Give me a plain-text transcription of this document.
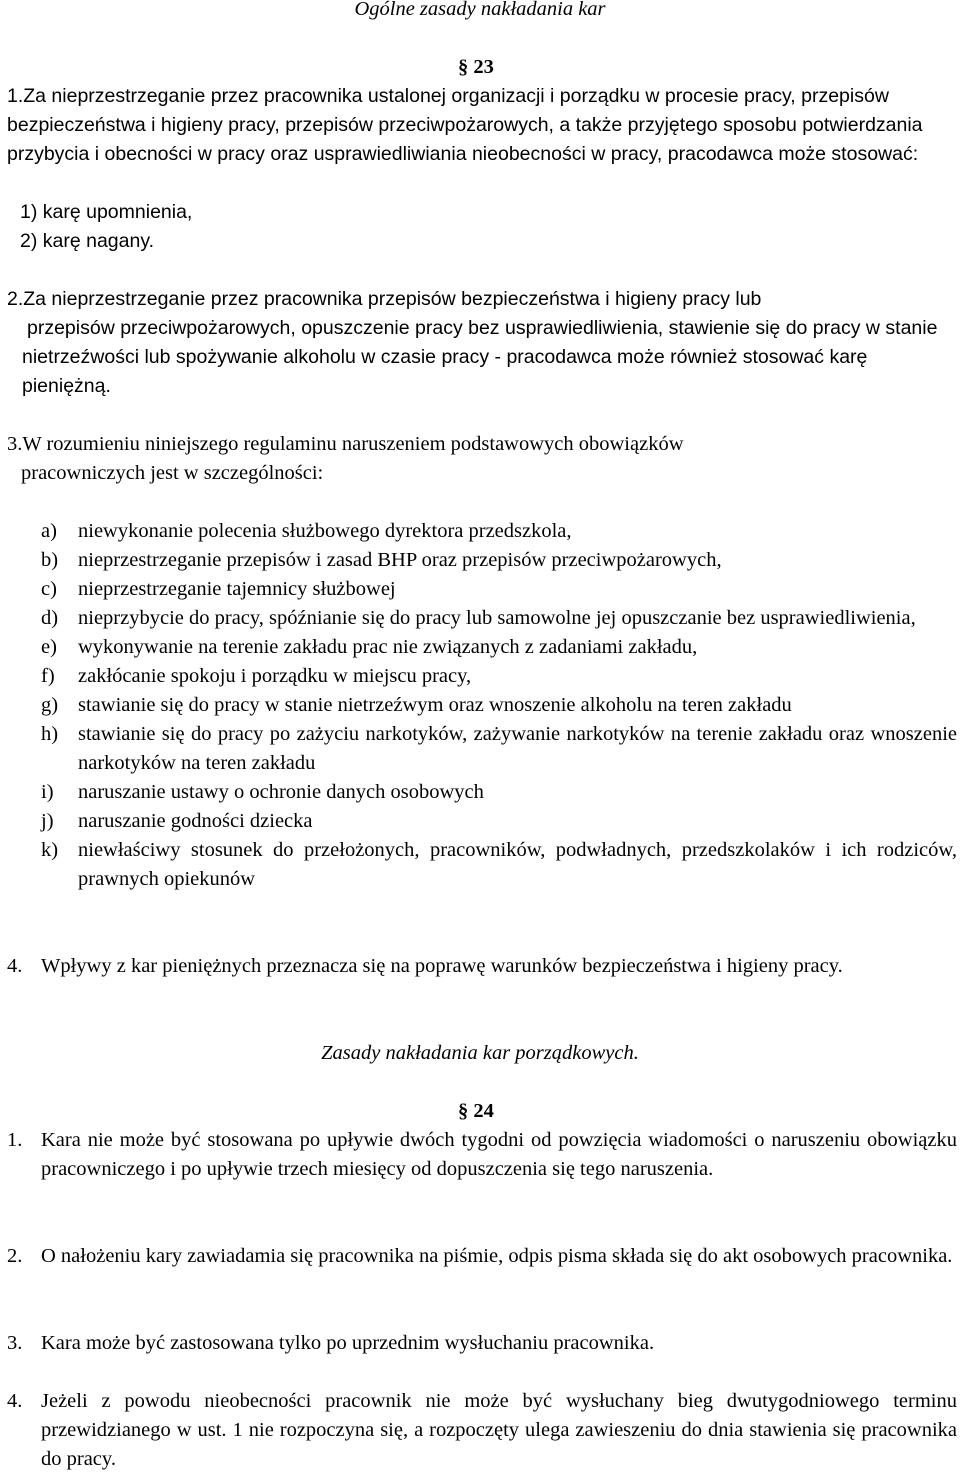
Ogólne zasady nakładania kar
§ 23
1.Za nieprzestrzeganie przez pracownika ustalonej organizacji i porządku w procesie pracy, przepisów bezpieczeństwa i higieny pracy, przepisów przeciwpożarowych, a także przyjętego sposobu potwierdzania przybycia i obecności w pracy oraz usprawiedliwiania nieobecności w pracy, pracodawca może stosować:
1) karę upomnienia,
2) karę nagany.
2.Za nieprzestrzeganie przez pracownika przepisów bezpieczeństwa i higieny pracy lub
przepisów przeciwpożarowych, opuszczenie pracy bez usprawiedliwienia, stawienie się do pracy w stanie nietrzeźwości lub spożywanie alkoholu w czasie pracy - pracodawca może również stosować karę pieniężną.
3.W rozumieniu niniejszego regulaminu naruszeniem podstawowych obowiązków
pracowniczych jest w szczególności:
a)	niewykonanie polecenia służbowego dyrektora przedszkola,
b) nieprzestrzeganie przepisów i zasad BHP oraz przepisów przeciwpożarowych,
c)	nieprzestrzeganie tajemnicy służbowej
d) nieprzybycie do pracy, spóźnianie się do pracy lub samowolne jej opuszczanie bez usprawiedliwienia,
e)	wykonywanie na terenie zakładu prac nie związanych z zadaniami zakładu,
f)	zakłócanie spokoju i porządku w miejscu pracy,
g) stawianie się do pracy w stanie nietrzeźwym oraz wnoszenie alkoholu na teren zakładu
h) stawianie się do pracy po zażyciu narkotyków, zażywanie narkotyków na terenie zakładu oraz wnoszenie narkotyków na teren zakładu
i)	naruszanie ustawy o ochronie danych osobowych
j)	naruszanie godności dziecka
k) niewłaściwy stosunek do przełożonych, pracowników, podwładnych, przedszkolaków i ich rodziców, prawnych opiekunów
4. Wpływy z kar pieniężnych przeznacza się na poprawę warunków bezpieczeństwa i higieny pracy.
Zasady nakładania kar porządkowych.
§ 24
1. Kara nie może być stosowana po upływie dwóch tygodni od powzięcia wiadomości o naruszeniu obowiązku pracowniczego i po upływie trzech miesięcy od dopuszczenia się tego naruszenia.
2. O nałożeniu kary zawiadamia się pracownika na piśmie, odpis pisma składa się do akt osobowych pracownika.
3. Kara może być zastosowana tylko po uprzednim wysłuchaniu pracownika.
4. Jeżeli z powodu nieobecności pracownik nie może być wysłuchany bieg dwutygodniowego terminu przewidzianego w ust. 1 nie rozpoczyna się, a rozpoczęty ulega zawieszeniu do dnia stawienia się pracownika do pracy.
